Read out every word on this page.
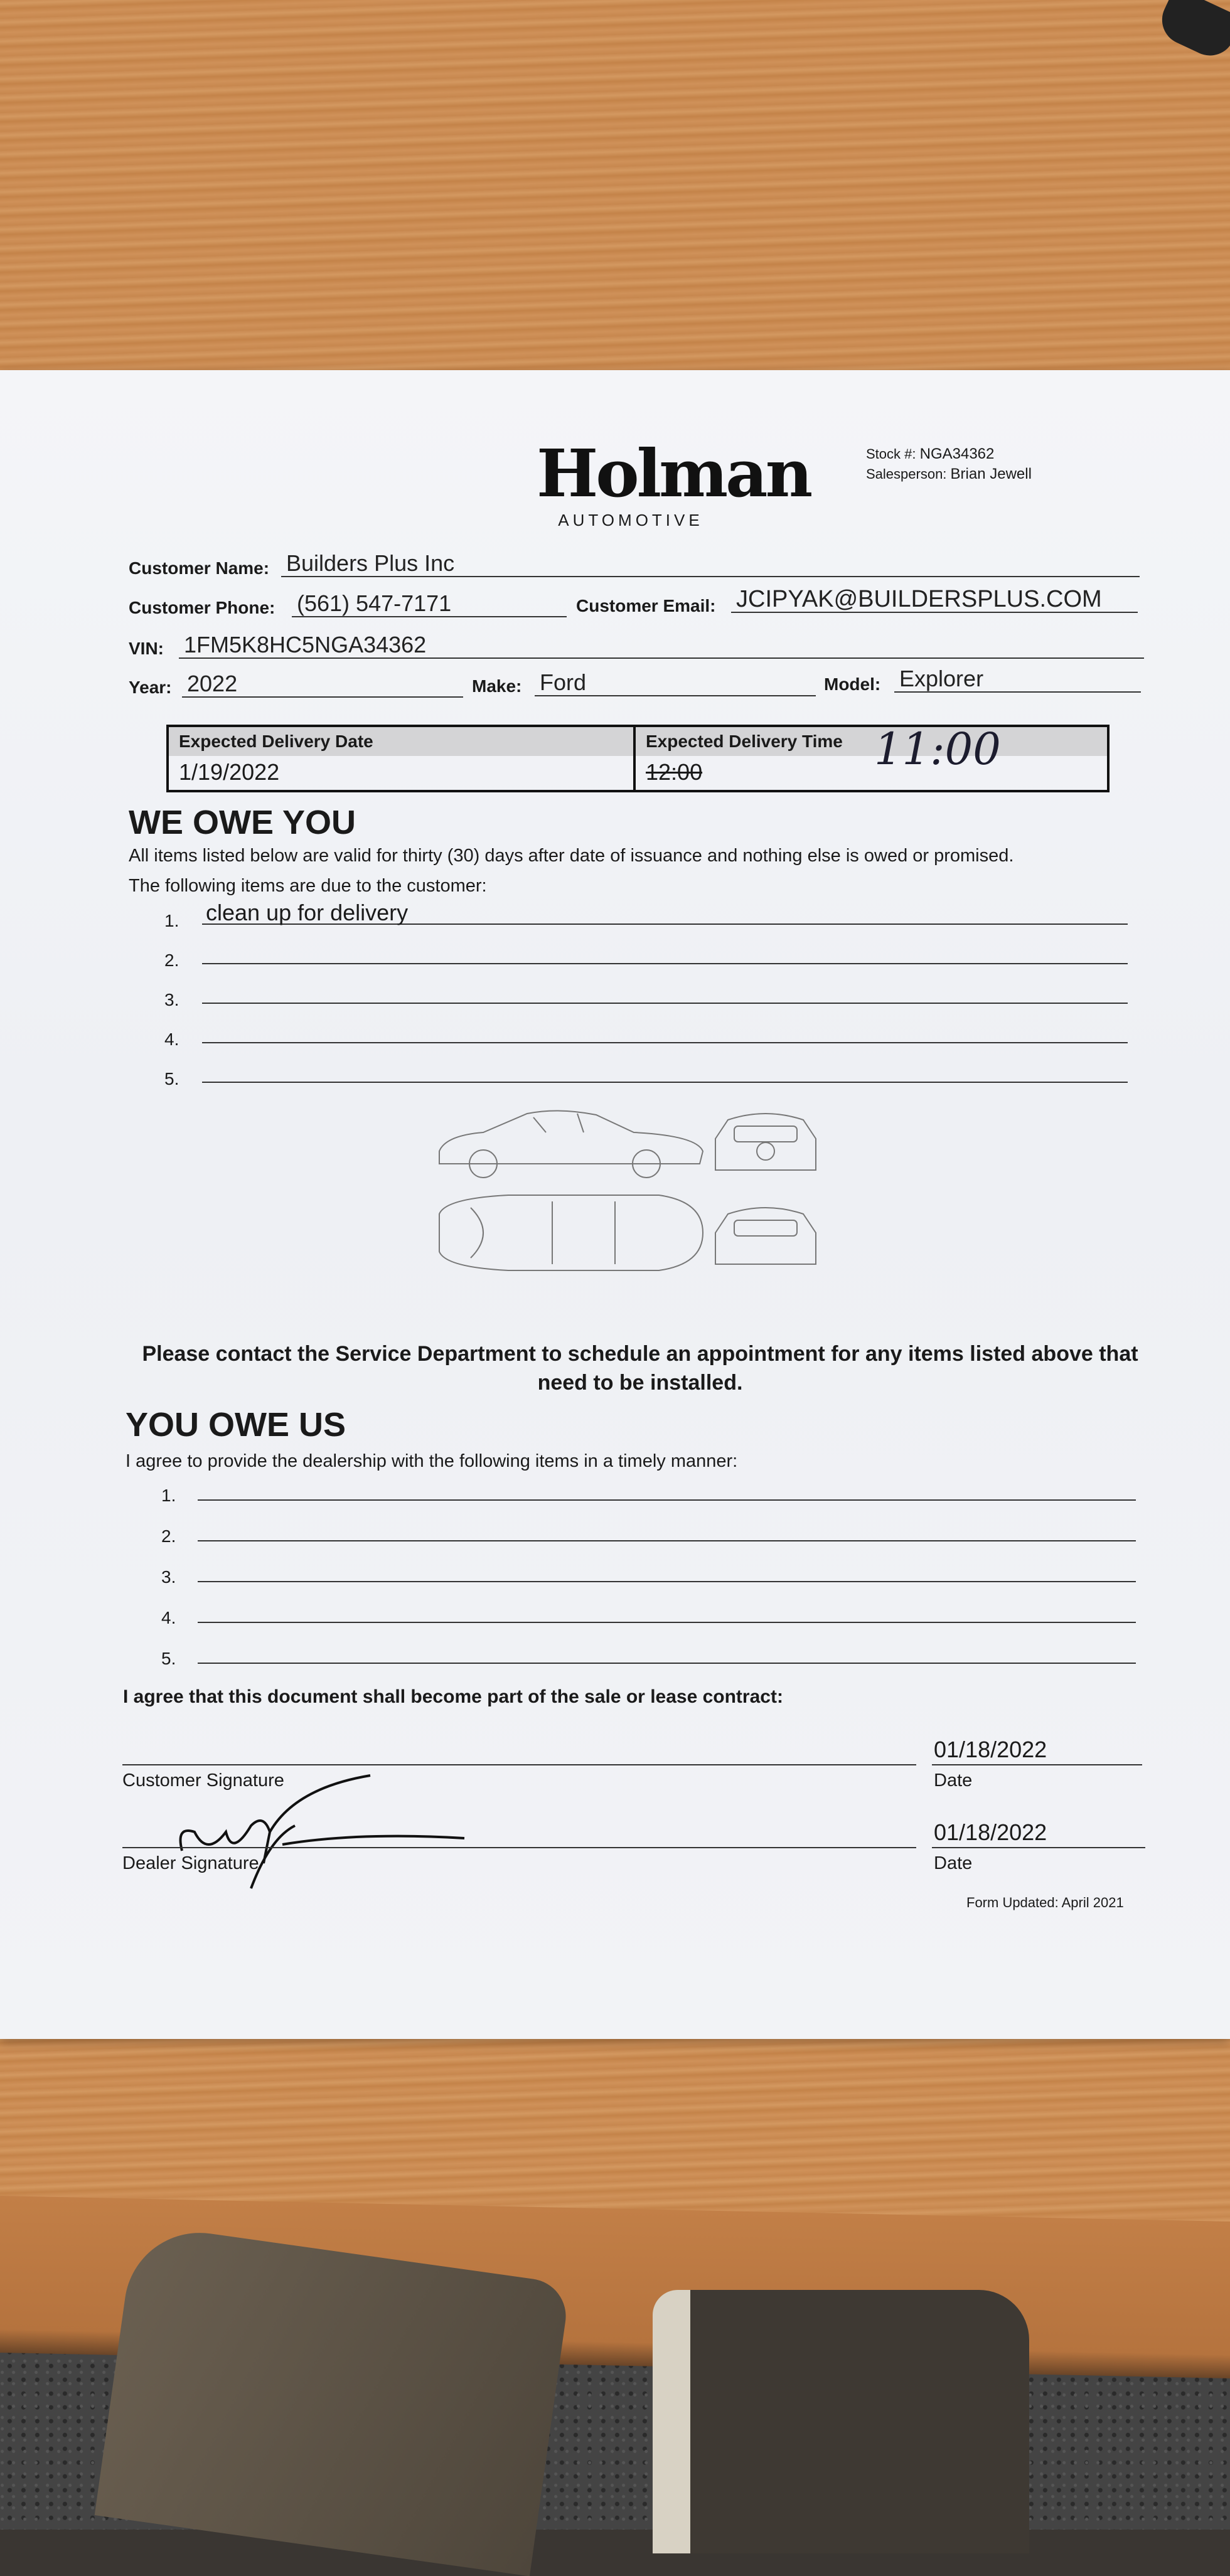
Holman
AUTOMOTIVE
Stock #: NGA34362
Salesperson: Brian Jewell
Customer Name: Builders Plus Inc
Customer Phone: (561) 547-7171	Customer Email: JCIPYAK@BUILDERSPLUS.COM
VIN: 1FM5K8HC5NGA34362
Year: 2022	Make: Ford	Model: Explorer
Expected Delivery Date
1/19/2022
Expected Delivery Time
12:00	11:00
WE OWE YOU
All items listed below are valid for thirty (30) days after date of issuance and nothing else is owed or promised.
The following items are due to the customer:
1. clean up for delivery
2.
3.
4.
5.
Please contact the Service Department to schedule an appointment for any items listed above that need to be installed.
YOU OWE US
I agree to provide the dealership with the following items in a timely manner:
1.
2.
3.
4.
5.
I agree that this document shall become part of the sale or lease contract:
Customer Signature
01/18/2022
Date
Dealer Signature
01/18/2022
Date
Form Updated: April 2021
